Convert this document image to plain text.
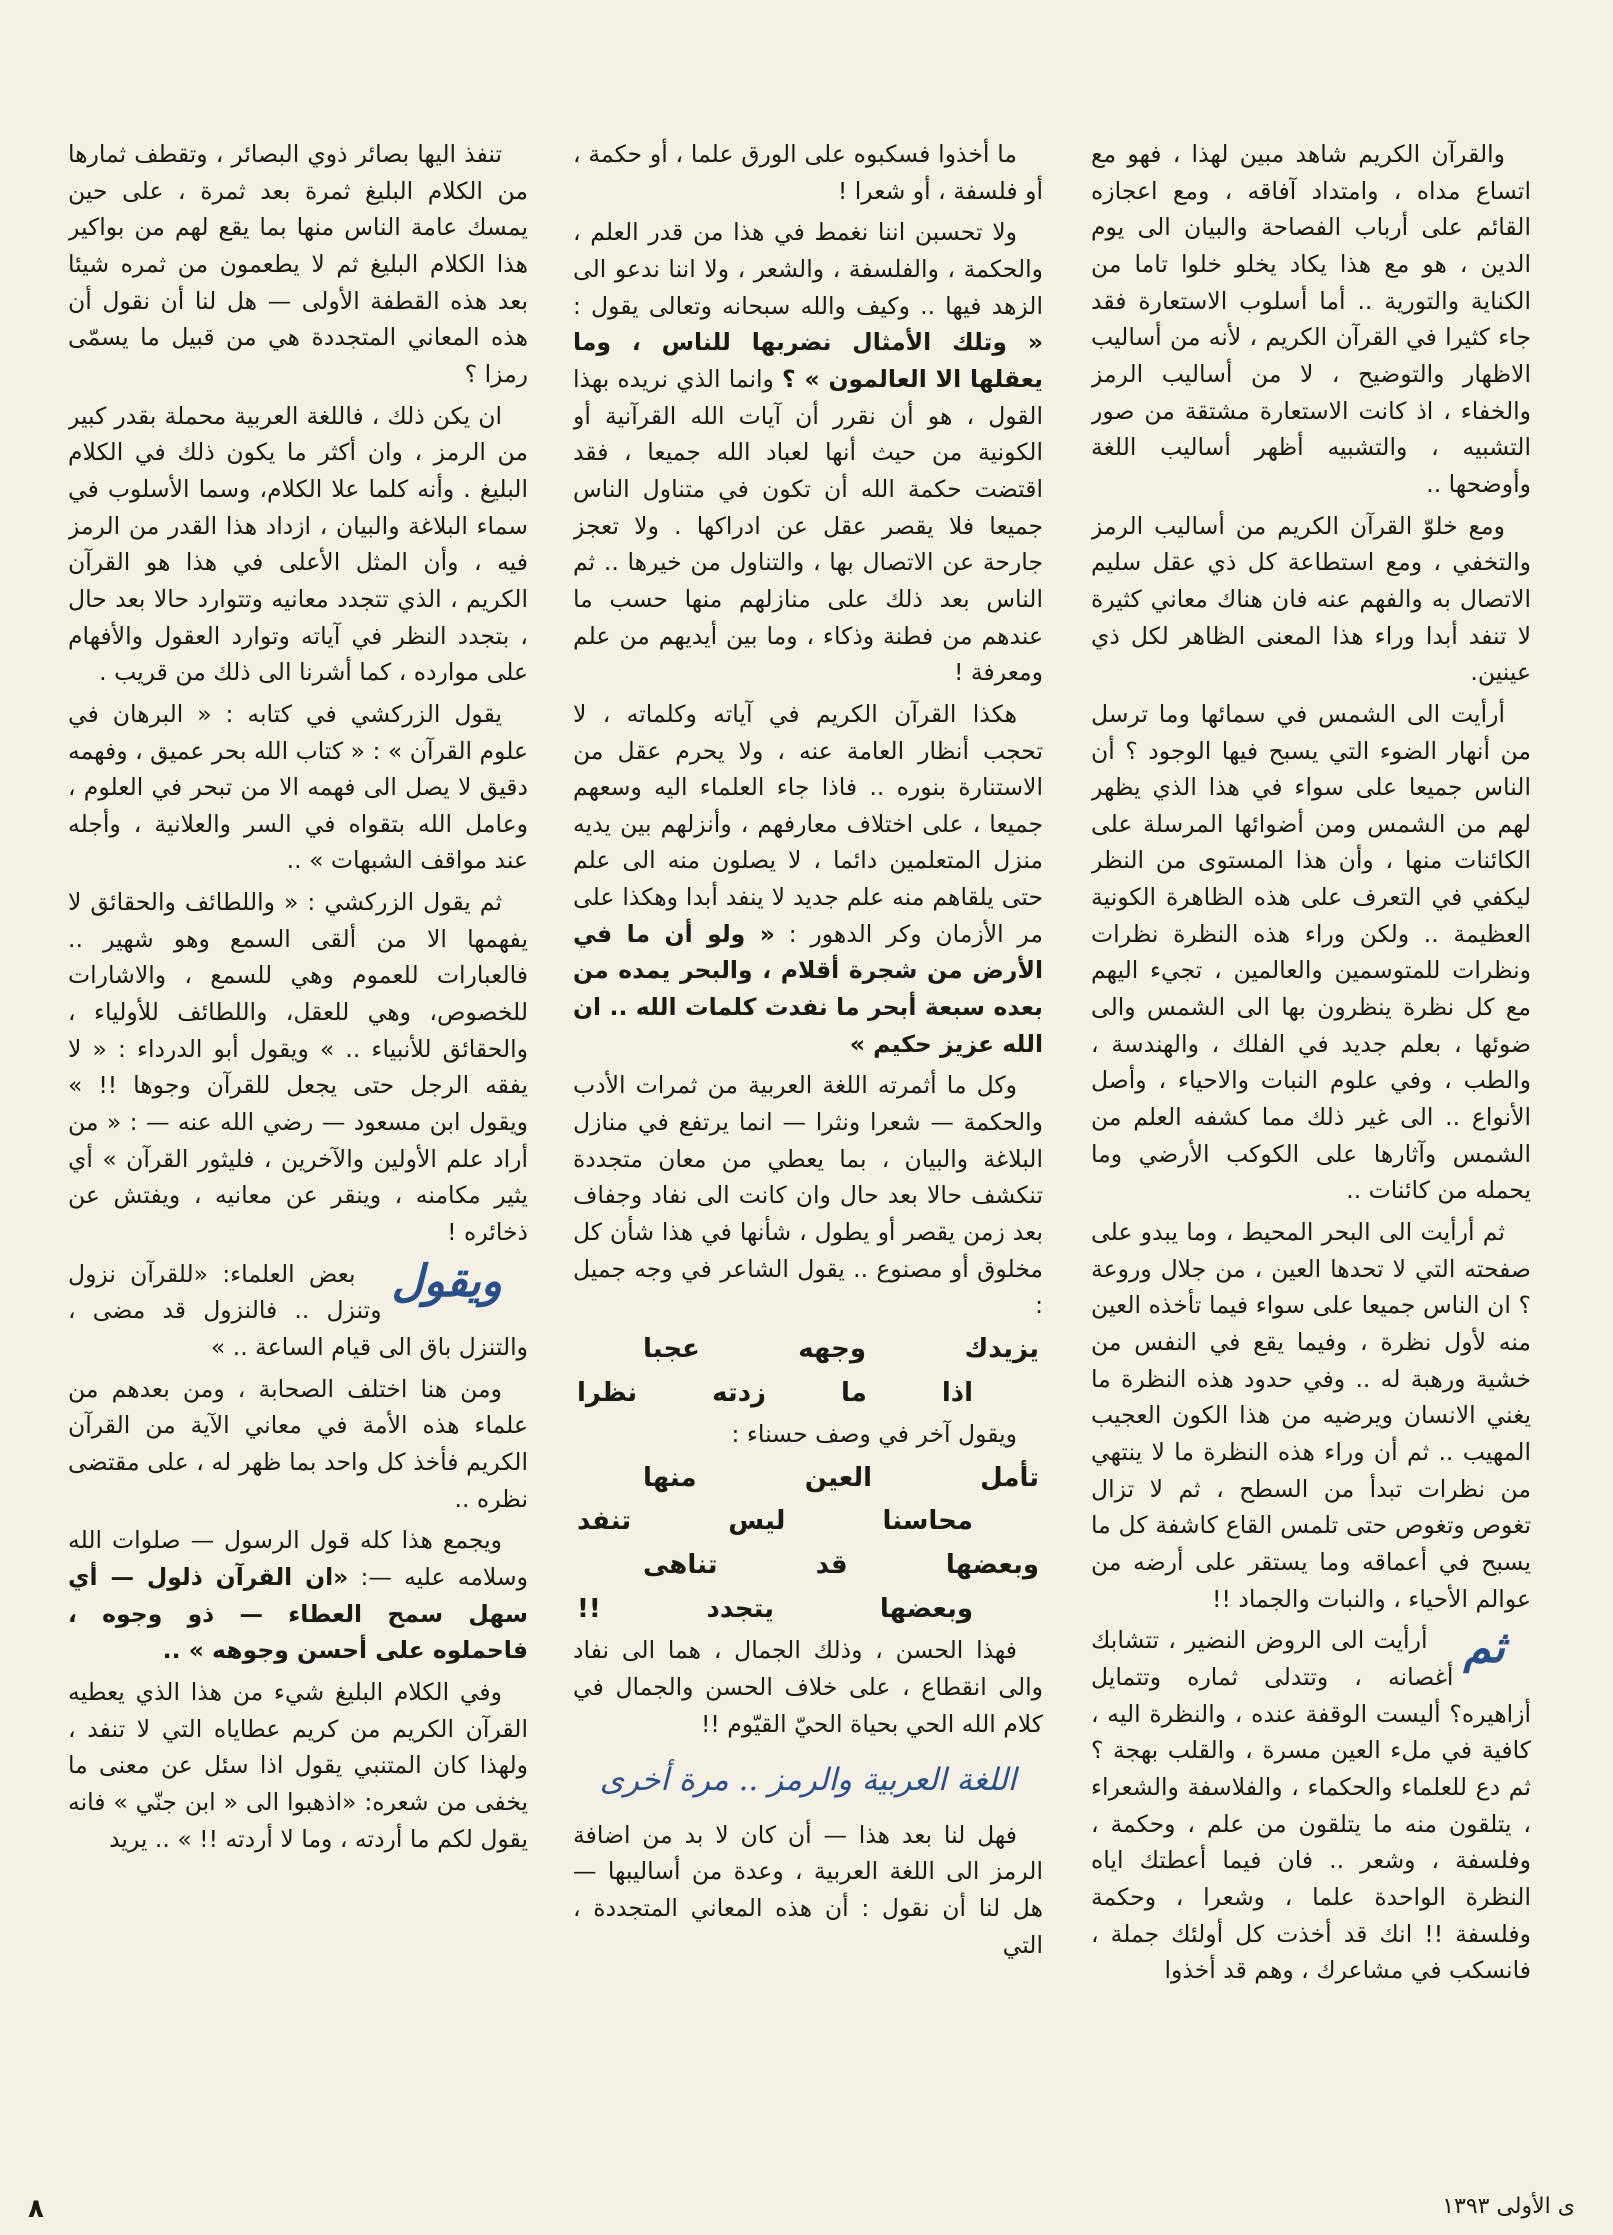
والقرآن الكريم شاهد مبين لهذا ، فهو مع اتساع مداه ، وامتداد آفاقه ، ومع اعجازه القائم على أرباب الفصاحة والبيان الى يوم الدين ، هو مع هذا يكاد يخلو خلوا تاما من الكناية والتورية .. أما أسلوب الاستعارة فقد جاء كثيرا في القرآن الكريم ، لأنه من أساليب الاظهار والتوضيح ، لا من أساليب الرمز والخفاء ، اذ كانت الاستعارة مشتقة من صور التشبيه ، والتشبيه أظهر أساليب اللغة وأوضحها ..

ومع خلوّ القرآن الكريم من أساليب الرمز والتخفي ، ومع استطاعة كل ذي عقل سليم الاتصال به والفهم عنه فان هناك معاني كثيرة لا تنفد أبدا وراء هذا المعنى الظاهر لكل ذي عينين.

أرأيت الى الشمس في سمائها وما ترسل من أنهار الضوء التي يسبح فيها الوجود ؟ أن الناس جميعا على سواء في هذا الذي يظهر لهم من الشمس ومن أضوائها المرسلة على الكائنات منها ، وأن هذا المستوى من النظر ليكفي في التعرف على هذه الظاهرة الكونية العظيمة .. ولكن وراء هذه النظرة نظرات ونظرات للمتوسمين والعالمين ، تجيء اليهم مع كل نظرة ينظرون بها الى الشمس والى ضوئها ، بعلم جديد في الفلك ، والهندسة ، والطب ، وفي علوم النبات والاحياء ، وأصل الأنواع .. الى غير ذلك مما كشفه العلم من الشمس وآثارها على الكوكب الأرضي وما يحمله من كائنات ..

ثم أرأيت الى البحر المحيط ، وما يبدو على صفحته التي لا تحدها العين ، من جلال وروعة ؟ ان الناس جميعا على سواء فيما تأخذه العين منه لأول نظرة ، وفيما يقع في النفس من خشية ورهبة له .. وفي حدود هذه النظرة ما يغني الانسان ويرضيه من هذا الكون العجيب المهيب .. ثم أن وراء هذه النظرة ما لا ينتهي من نظرات تبدأ من السطح ، ثم لا تزال تغوص وتغوص حتى تلمس القاع كاشفة كل ما يسبح في أعماقه وما يستقر على أرضه من عوالم الأحياء ، والنبات والجماد !!

ثم
أرأيت الى الروض النضير ، تتشابك أغصانه ، وتتدلى ثماره وتتمايل أزاهيره؟ أليست الوقفة عنده ، والنظرة اليه ، كافية في ملء العين مسرة ، والقلب بهجة ؟ ثم دع للعلماء والحكماء ، والفلاسفة والشعراء ، يتلقون منه ما يتلقون من علم ، وحكمة ، وفلسفة ، وشعر .. فان فيما أعطتك اياه النظرة الواحدة علما ، وشعرا ، وحكمة وفلسفة !! انك قد أخذت كل أولئك جملة ، فانسكب في مشاعرك ، وهم قد أخذوا

ما أخذوا فسكبوه على الورق علما ، أو حكمة ، أو فلسفة ، أو شعرا !

ولا تحسبن اننا نغمط في هذا من قدر العلم ، والحكمة ، والفلسفة ، والشعر ، ولا اننا ندعو الى الزهد فيها .. وكيف والله سبحانه وتعالى يقول : « وتلك الأمثال نضربها للناس ، وما يعقلها الا العالمون » ؟ وانما الذي نريده بهذا القول ، هو أن نقرر أن آيات الله القرآنية أو الكونية من حيث أنها لعباد الله جميعا ، فقد اقتضت حكمة الله أن تكون في متناول الناس جميعا فلا يقصر عقل عن ادراكها . ولا تعجز جارحة عن الاتصال بها ، والتناول من خيرها .. ثم الناس بعد ذلك على منازلهم منها حسب ما عندهم من فطنة وذكاء ، وما بين أيديهم من علم ومعرفة !

هكذا القرآن الكريم في آياته وكلماته ، لا تحجب أنظار العامة عنه ، ولا يحرم عقل من الاستنارة بنوره .. فاذا جاء العلماء اليه وسعهم جميعا ، على اختلاف معارفهم ، وأنزلهم بين يديه منزل المتعلمين دائما ، لا يصلون منه الى علم حتى يلقاهم منه علم جديد لا ينفد أبدا وهكذا على مر الأزمان وكر الدهور : « ولو أن ما في الأرض من شجرة أقلام ، والبحر يمده من بعده سبعة أبحر ما نفدت كلمات الله .. ان الله عزيز حكيم »

وكل ما أثمرته اللغة العربية من ثمرات الأدب والحكمة — شعرا ونثرا — انما يرتفع في منازل البلاغة والبيان ، بما يعطي من معان متجددة تنكشف حالا بعد حال وان كانت الى نفاد وجفاف بعد زمن يقصر أو يطول ، شأنها في هذا شأن كل مخلوق أو مصنوع .. يقول الشاعر في وجه جميل :

يزيدك وجهه عجبا
اذا ما زدته نظرا

ويقول آخر في وصف حسناء :

تأمل العين منها
محاسنا ليس تنفد
وبعضها قد تناهى
وبعضها يتجدد !!

فهذا الحسن ، وذلك الجمال ، هما الى نفاد والى انقطاع ، على خلاف الحسن والجمال في كلام الله الحي بحياة الحيّ القيّوم !!

اللغة العربية والرمز .. مرة أخرى

فهل لنا بعد هذا — أن كان لا بد من اضافة الرمز الى اللغة العربية ، وعدة من أساليبها — هل لنا أن نقول : أن هذه المعاني المتجددة ، التي

تنفذ اليها بصائر ذوي البصائر ، وتقطف ثمارها من الكلام البليغ ثمرة بعد ثمرة ، على حين يمسك عامة الناس منها بما يقع لهم من بواكير هذا الكلام البليغ ثم لا يطعمون من ثمره شيئا بعد هذه القطفة الأولى — هل لنا أن نقول أن هذه المعاني المتجددة هي من قبيل ما يسمّى رمزا ؟

ان يكن ذلك ، فاللغة العربية محملة بقدر كبير من الرمز ، وان أكثر ما يكون ذلك في الكلام البليغ . وأنه كلما علا الكلام، وسما الأسلوب في سماء البلاغة والبيان ، ازداد هذا القدر من الرمز فيه ، وأن المثل الأعلى في هذا هو القرآن الكريم ، الذي تتجدد معانيه وتتوارد حالا بعد حال ، بتجدد النظر في آياته وتوارد العقول والأفهام على موارده ، كما أشرنا الى ذلك من قريب .

يقول الزركشي في كتابه : « البرهان في علوم القرآن » : « كتاب الله بحر عميق ، وفهمه دقيق لا يصل الى فهمه الا من تبحر في العلوم ، وعامل الله بتقواه في السر والعلانية ، وأجله عند مواقف الشبهات » ..

ثم يقول الزركشي : « واللطائف والحقائق لا يفهمها الا من ألقى السمع وهو شهير .. فالعبارات للعموم وهي للسمع ، والاشارات للخصوص، وهي للعقل، واللطائف للأولياء ، والحقائق للأنبياء .. » ويقول أبو الدرداء : « لا يفقه الرجل حتى يجعل للقرآن وجوها !! » ويقول ابن مسعود — رضي الله عنه — : « من أراد علم الأولين والآخرين ، فليثور القرآن » أي يثير مكامنه ، وينقر عن معانيه ، ويفتش عن ذخائره !

ويقول
بعض العلماء: «للقرآن نزول وتنزل .. فالنزول قد مضى ، والتنزل باق الى قيام الساعة .. »

ومن هنا اختلف الصحابة ، ومن بعدهم من علماء هذه الأمة في معاني الآية من القرآن الكريم فأخذ كل واحد بما ظهر له ، على مقتضى نظره ..

ويجمع هذا كله قول الرسول — صلوات الله وسلامه عليه —: «ان القرآن ذلول — أي سهل سمح العطاء — ذو وجوه ، فاحملوه على أحسن وجوهه » ..

وفي الكلام البليغ شيء من هذا الذي يعطيه القرآن الكريم من كريم عطاياه التي لا تنفد ، ولهذا كان المتنبي يقول اذا سئل عن معنى ما يخفى من شعره: «اذهبوا الى « ابن جنّي » فانه يقول لكم ما أردته ، وما لا أردته !! » .. يريد

٨	ى الأولى ١٣٩٣
